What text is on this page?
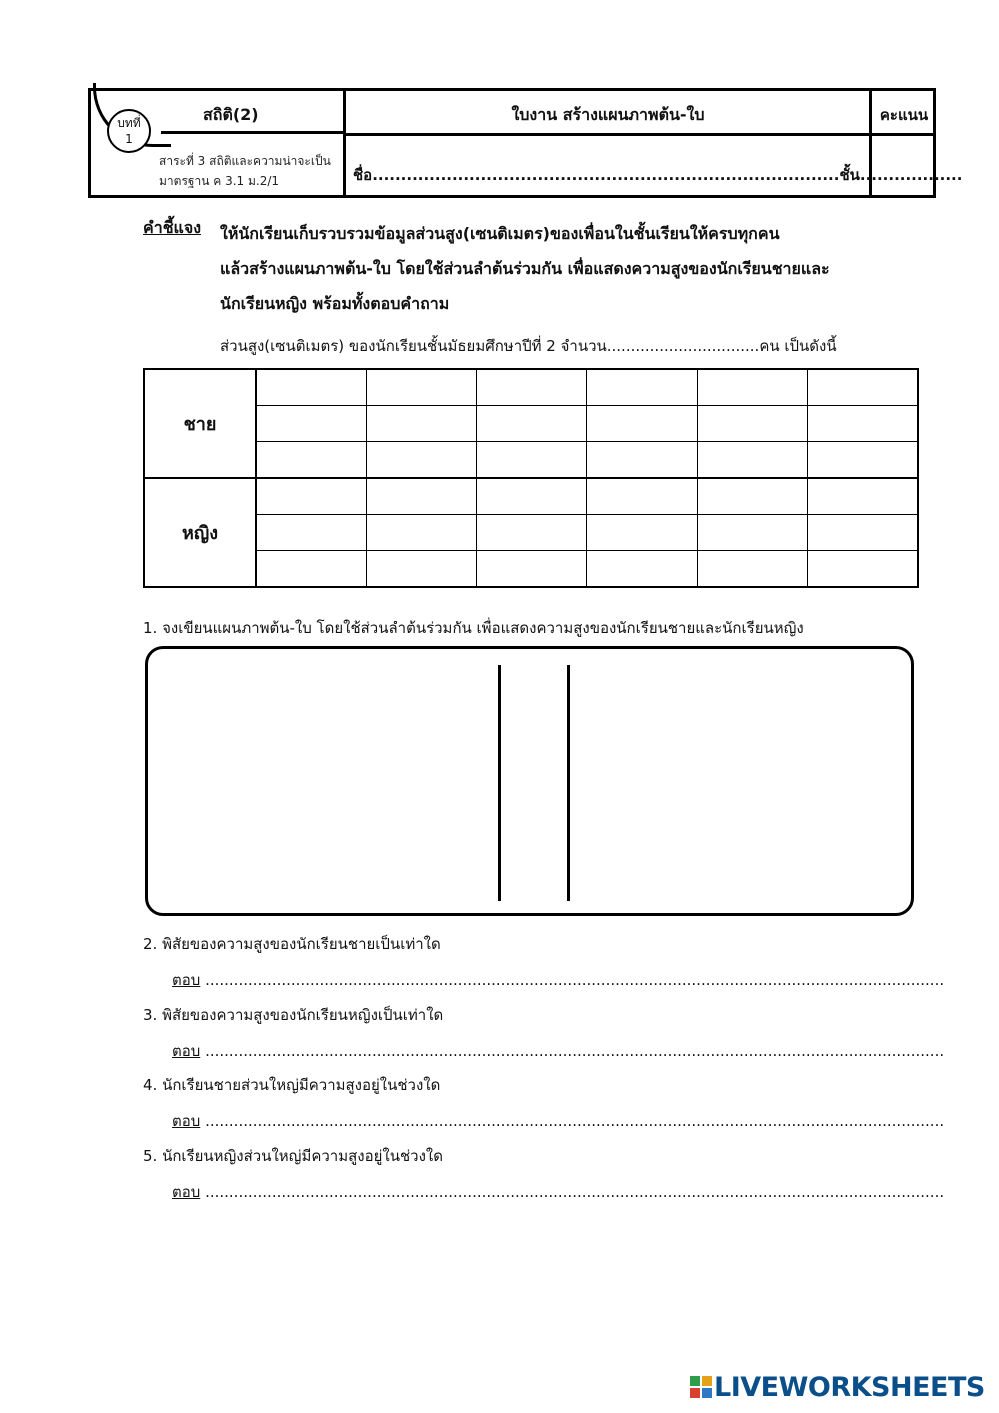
บทที่
1
สถิติ(2)
สาระที่ 3 สถิติและความน่าจะเป็น
มาตรฐาน ค 3.1 ม.2/1
ใบงาน สร้างแผนภาพต้น-ใบ	คะแนน
ชื่อ..................................................................................ชั้น..................
คำชี้แจง ให้นักเรียนเก็บรวบรวมข้อมูลส่วนสูง(เซนติเมตร)ของเพื่อนในชั้นเรียนให้ครบทุกคน
แล้วสร้างแผนภาพต้น-ใบ โดยใช้ส่วนลำต้นร่วมกัน เพื่อแสดงความสูงของนักเรียนชายและ
นักเรียนหญิง พร้อมทั้งตอบคำถาม
ส่วนสูง(เซนติเมตร) ของนักเรียนชั้นมัธยมศึกษาปีที่ 2 จำนวน................................คน เป็นดังนี้
ชาย						

หญิง						

1. จงเขียนแผนภาพต้น-ใบ โดยใช้ส่วนลำต้นร่วมกัน เพื่อแสดงความสูงของนักเรียนชายและนักเรียนหญิง
2. พิสัยของความสูงของนักเรียนชายเป็นเท่าใด
ตอบ ...........................................................................................................................................................
3. พิสัยของความสูงของนักเรียนหญิงเป็นเท่าใด
ตอบ ...........................................................................................................................................................
4. นักเรียนชายส่วนใหญ่มีความสูงอยู่ในช่วงใด
ตอบ ...........................................................................................................................................................
5. นักเรียนหญิงส่วนใหญ่มีความสูงอยู่ในช่วงใด
ตอบ ...........................................................................................................................................................
LIVEWORKSHEETS
